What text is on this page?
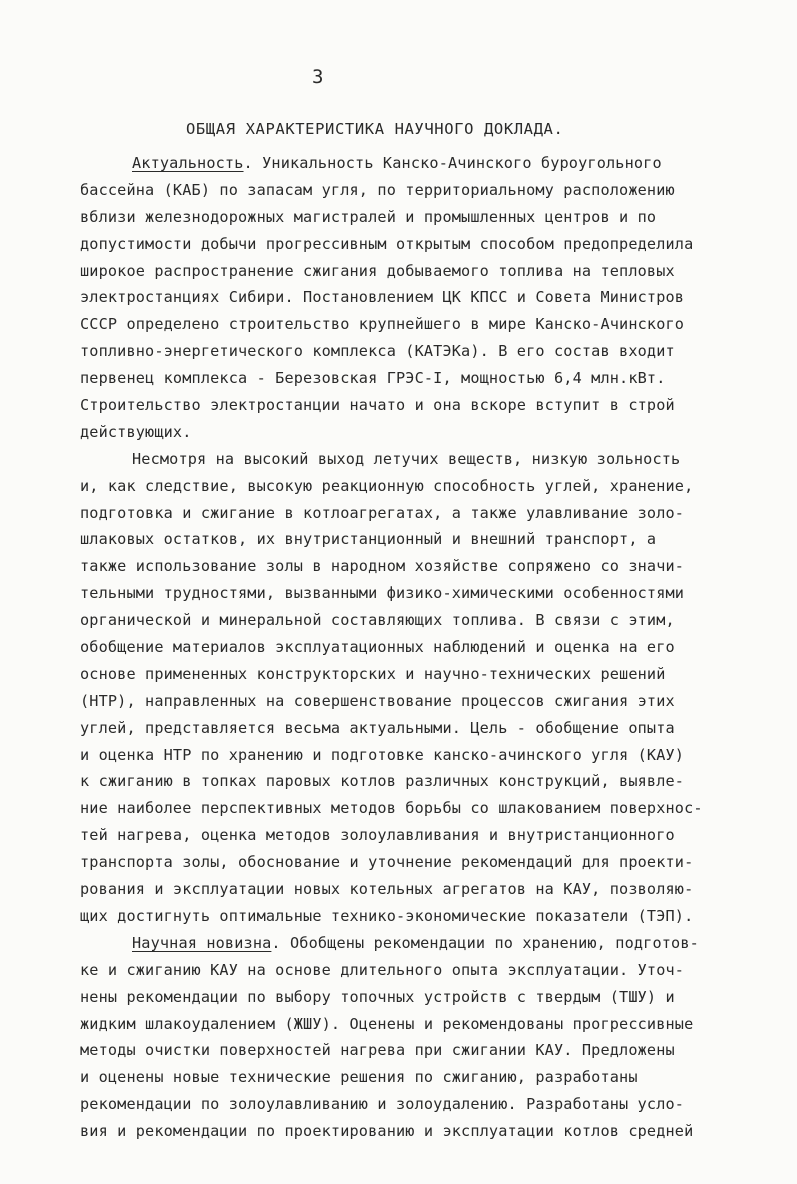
3
ОБЩАЯ ХАРАКТЕРИСТИКА НАУЧНОГО ДОКЛАДА.
Актуальность. Уникальность Канско-Ачинского буроугольного
бассейна (КАБ) по запасам угля, по территориальному расположению
вблизи железнодорожных магистралей и промышленных центров и по
допустимости добычи прогрессивным открытым способом предопределила
широкое распространение сжигания добываемого топлива на тепловых
электростанциях Сибири. Постановлением ЦК КПСС и Совета Министров
СССР определено строительство крупнейшего в мире Канско-Ачинского
топливно-энергетического комплекса (КАТЭКа). В его состав входит
первенец комплекса - Березовская ГРЭС-I, мощностью 6,4 млн.кВт.
Строительство электростанции начато и она вскоре вступит в строй
действующих.
Несмотря на высокий выход летучих веществ, низкую зольность
и, как следствие, высокую реакционную способность углей, хранение,
подготовка и сжигание в котлоагрегатах, а также улавливание золо-
шлаковых остатков, их внутристанционный и внешний транспорт, а
также использование золы в народном хозяйстве сопряжено со значи-
тельными трудностями, вызванными физико-химическими особенностями
органической и минеральной составляющих топлива. В связи с этим,
обобщение материалов эксплуатационных наблюдений и оценка на его
основе примененных конструкторских и научно-технических решений
(НТР), направленных на совершенствование процессов сжигания этих
углей, представляется весьма актуальными. Цель - обобщение опыта
и оценка НТР по хранению и подготовке канско-ачинского угля (КАУ)
к сжиганию в топках паровых котлов различных конструкций, выявле-
ние наиболее перспективных методов борьбы со шлакованием поверхнос-
тей нагрева, оценка методов золоулавливания и внутристанционного
транспорта золы, обоснование и уточнение рекомендаций для проекти-
рования и эксплуатации новых котельных агрегатов на КАУ, позволяю-
щих достигнуть оптимальные технико-экономические показатели (ТЭП).
Научная новизна. Обобщены рекомендации по хранению, подготов-
ке и сжиганию КАУ на основе длительного опыта эксплуатации. Уточ-
нены рекомендации по выбору топочных устройств с твердым (ТШУ) и
жидким шлакоудалением (ЖШУ). Оценены и рекомендованы прогрессивные
методы очистки поверхностей нагрева при сжигании КАУ. Предложены
и оценены новые технические решения по сжиганию, разработаны
рекомендации по золоулавливанию и золоудалению. Разработаны усло-
вия и рекомендации по проектированию и эксплуатации котлов средней
